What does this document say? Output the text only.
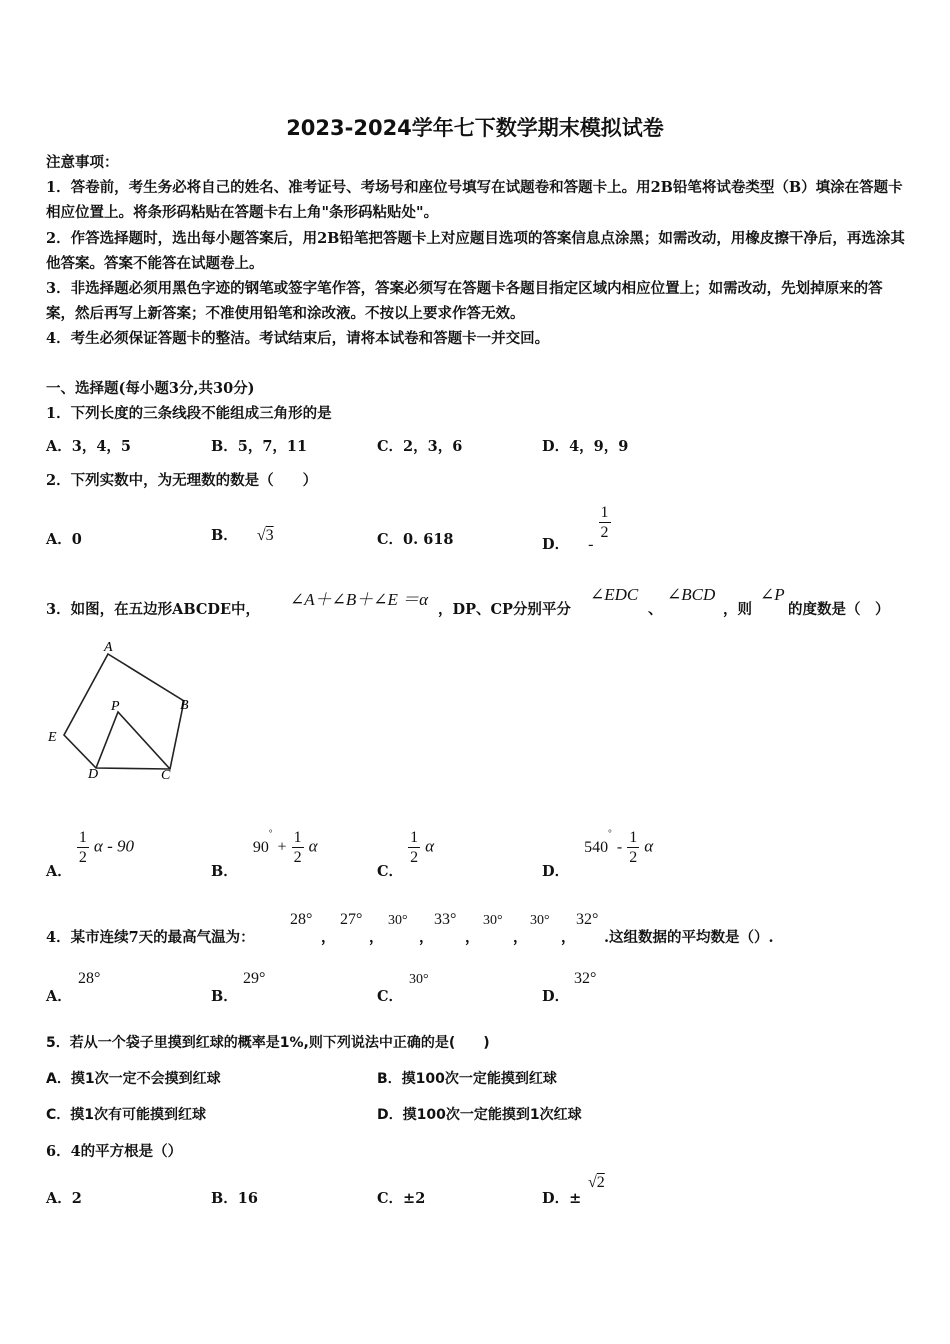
2023-2024学年七下数学期末模拟试卷

注意事项：

1．答卷前，考生务必将自己的姓名、准考证号、考场号和座位号填写在试题卷和答题卡上。用2B铅笔将试卷类型（B）填涂在答题卡相应位置上。将条形码粘贴在答题卡右上角"条形码粘贴处"。

2．作答选择题时，选出每小题答案后，用2B铅笔把答题卡上对应题目选项的答案信息点涂黑；如需改动，用橡皮擦干净后，再选涂其他答案。答案不能答在试题卷上。

3．非选择题必须用黑色字迹的钢笔或签字笔作答，答案必须写在答题卡各题目指定区域内相应位置上；如需改动，先划掉原来的答案，然后再写上新答案；不准使用铅笔和涂改液。不按以上要求作答无效。

4．考生必须保证答题卡的整洁。考试结束后，请将本试卷和答题卡一并交回。

一、选择题(每小题3分,共30分)
1．下列长度的三条线段不能组成三角形的是
A．3，4，5	B．5，7，11	C．2，3，6	D．4，9，9
2．下列实数中，为无理数的数是（　　）
A．0	B． √3	C．0. 618	D． -
$\frac{1}{2}$
3．如图，在五边形ABCDE中，
∠A＋∠B＋∠E ＝α
，DP、CP分别平分
∠EDC
、
∠BCD
，则
∠P
的度数是（　）
A
B
C
D
E
P
A．
$\frac{1}{2}$ α - 90
B． $90^\circ + \frac{1}{2}$ α
C．
$\frac{1}{2}$ α
D． $540^\circ - \frac{1}{2}$ α
4．某市连续7天的最高气温为：
28°
，
27°
，
30°
，
33°
，
30°
，
30°
，
32°
.这组数据的平均数是（）.
A．
28°
B．
29°
C．
30°
D．
32°
5．若从一个袋子里摸到红球的概率是1%,则下列说法中正确的是(　　)
A．摸1次一定不会摸到红球	B．摸100次一定能摸到红球
C．摸1次有可能摸到红球	D．摸100次一定能摸到1次红球
6．4的平方根是（）
A．2	B．16	C．±2	D．±
√2
